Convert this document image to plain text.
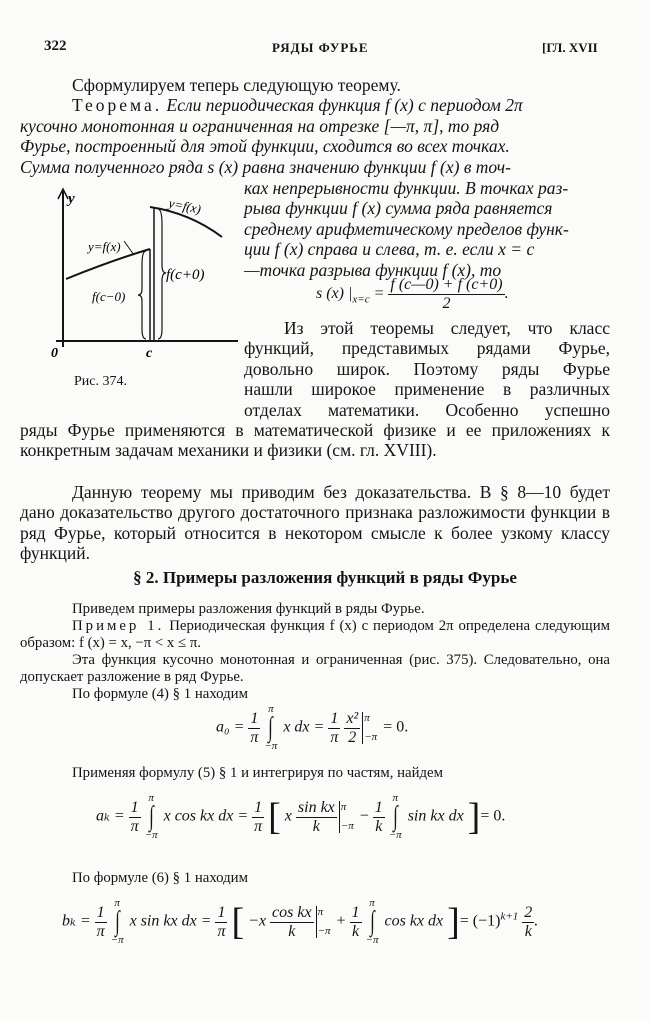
322	РЯДЫ ФУРЬЕ	[ГЛ. XVII
Сформулируем теперь следующую теорему.
Теорема. Если периодическая функция f (x) с периодом 2π
кусочно монотонная и ограниченная на отрезке [—π, π], то ряд
Фурье, построенный для этой функции, сходится во всех точках.
Сумма полученного ряда s (x) равна значению функции f (x) в точ-
ках непрерывности функции. В точках раз-
рыва функции f (x) сумма ряда равняется
среднему арифметическому пределов функ-
ции f (x) справа и слева, т. е. если x = c
—точка разрыва функции f (x), то
s (x) $|_{x=c} = \frac{f (c—0) + f (c+0)}{2}$ .
y
0	c
y=f(x)
y=f(x)
f(c+0)
f(c−0)
Рис. 374.
Из этой теоремы следует, что класс
функций, представимых рядами Фурье,
довольно широк. Поэтому ряды Фурье
нашли широкое применение в различных
отделах математики. Особенно успешно
ряды Фурье применяются в математической физике и ее приложениях к конкретным задачам механики и физики (см. гл. XVIII).
Данную теорему мы приводим без доказательства. В § 8—10 будет дано доказательство другого достаточного признака разложимости функции в ряд Фурье, который относится в некотором смысле к более узкому классу функций.
§ 2. Примеры разложения функций в ряды Фурье
Приведем примеры разложения функций в ряды Фурье.
Пример 1. Периодическая функция f (x) с периодом 2π определена следующим образом: f (x) = x, −π < x ≤ π.
Эта функция кусочно монотонная и ограниченная (рис. 375). Следовательно, она допускает разложение в ряд Фурье.
По формуле (4) § 1 находим
$a_0 = \frac{1}{\pi}$
π
∫
−π x dx = $\frac{1}{\pi}$
$\frac{\text{x²}}{2}$ π
−π = 0.
Применяя формулу (5) § 1 и интегрируя по частям, найдем
$a_k = \frac{1}{\pi}$
π
∫
−π x cos kx dx = $\frac{1}{\pi}$ [ x $\frac{\text{sin kx}}{k}$ π
$-\pi - \frac{1}{k}$
π
∫
−π sin kx dx ]= 0.
По формуле (6) § 1 находим
$b_k = \frac{1}{\pi}$
π
∫
−π x sin kx dx = $\frac{1}{\pi}$ [ $-x \frac{\text{cos kx}}{k}$ π
$-\pi + \frac{1}{k}$
π
∫
−π cos kx dx ]= $(-1)^{k+1} \frac{2}{k}$ .
